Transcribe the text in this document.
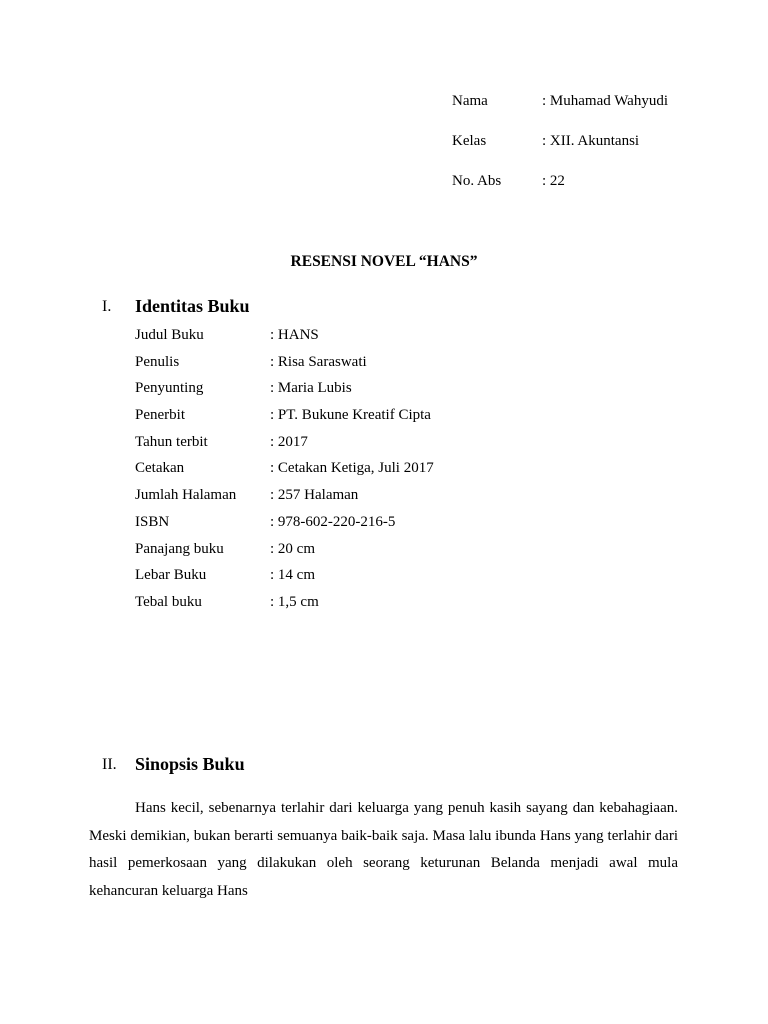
Nama	: Muhamad Wahyudi
Kelas	: XII. Akuntansi
No. Abs	: 22
RESENSI NOVEL “HANS”
I. Identitas Buku
Judul Buku	: HANS
Penulis	: Risa Saraswati
Penyunting	: Maria Lubis
Penerbit	: PT. Bukune Kreatif Cipta
Tahun terbit	: 2017
Cetakan	: Cetakan Ketiga, Juli 2017
Jumlah Halaman : 257 Halaman
ISBN	: 978-602-220-216-5
Panajang buku	: 20 cm
Lebar Buku	: 14 cm
Tebal buku	: 1,5 cm
II. Sinopsis Buku

Hans kecil, sebenarnya terlahir dari keluarga yang penuh kasih sayang dan kebahagiaan. Meski demikian, bukan berarti semuanya baik-baik saja. Masa lalu ibunda Hans yang terlahir dari hasil pemerkosaan yang dilakukan oleh seorang keturunan Belanda menjadi awal mula kehancuran keluarga Hans
